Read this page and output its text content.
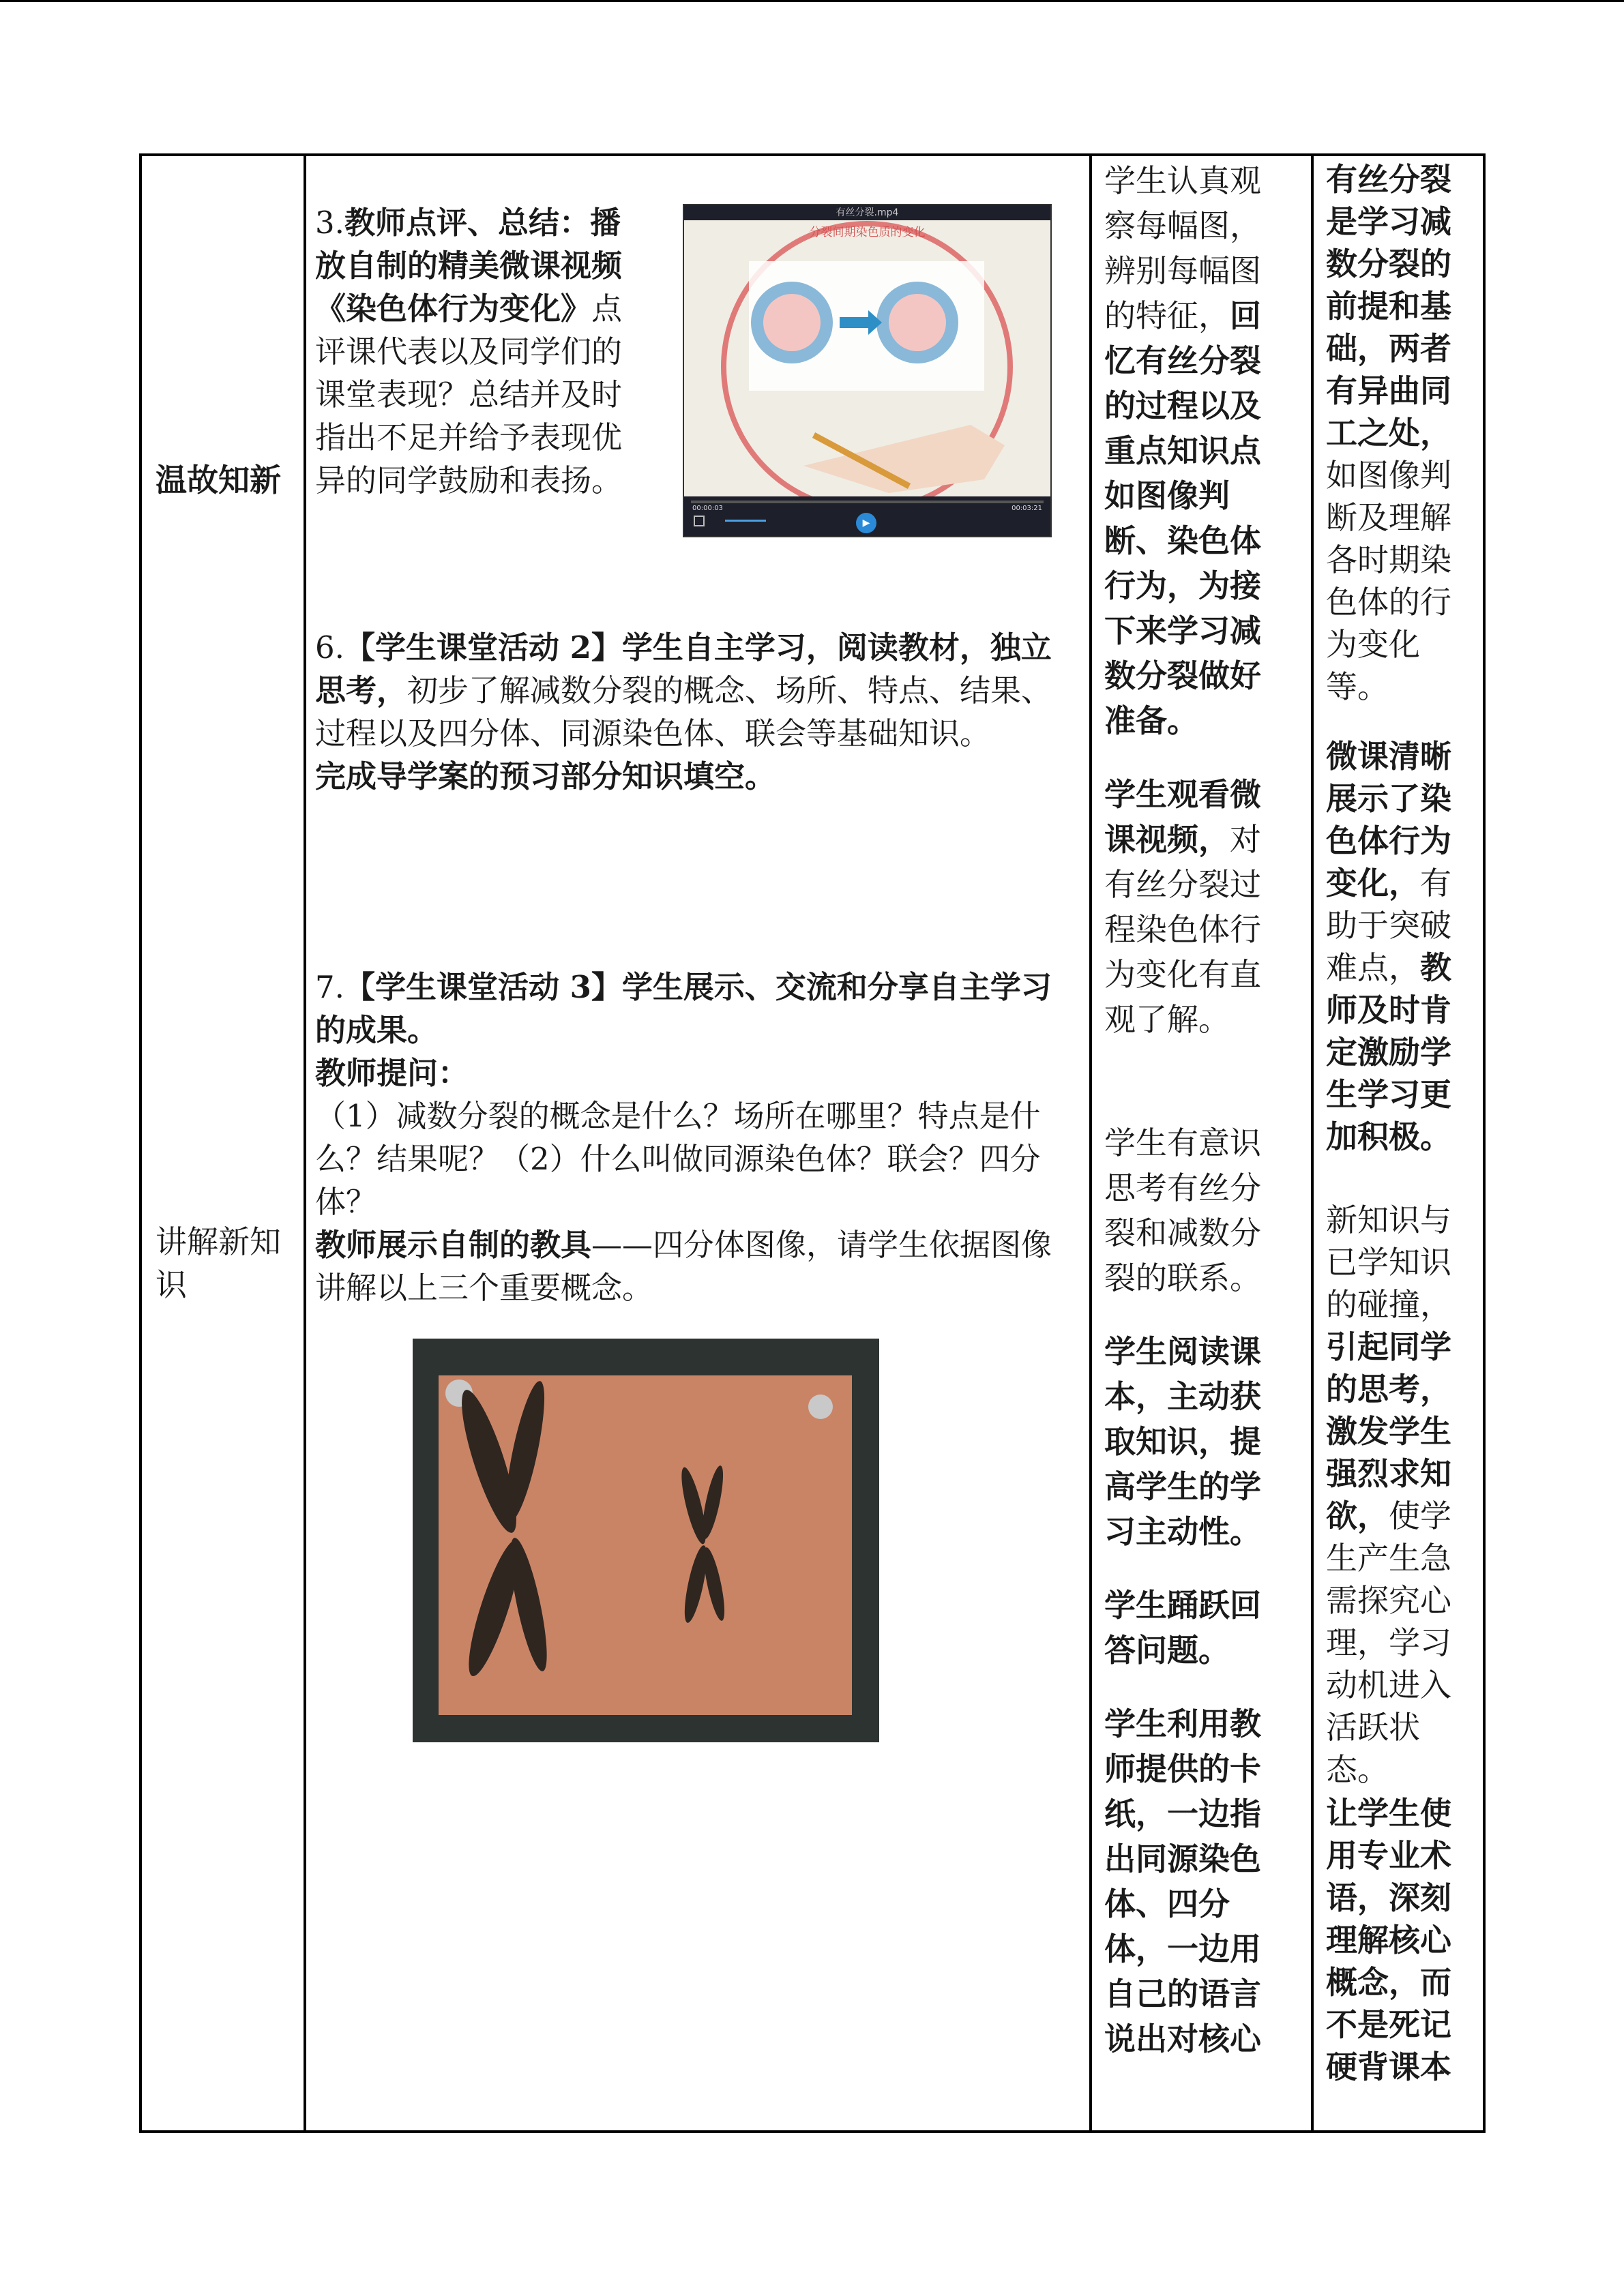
温故知新
讲解新知识
3.教师点评、总结：播放自制的精美微课视频《染色体行为变化》点评课代表以及同学们的课堂表现？总结并及时指出不足并给予表现优异的同学鼓励和表扬。
有丝分裂.mp4
分裂间期染色质的变化
00:00:03	00:03:21
▶
6.【学生课堂活动 2】学生自主学习，阅读教材，独立思考，初步了解减数分裂的概念、场所、特点、结果、过程以及四分体、同源染色体、联会等基础知识。
完成导学案的预习部分知识填空。
7.【学生课堂活动 3】学生展示、交流和分享自主学习的成果。
教师提问：
（1）减数分裂的概念是什么？场所在哪里？特点是什么？结果呢？（2）什么叫做同源染色体？联会？四分体？
教师展示自制的教具——四分体图像，请学生依据图像讲解以上三个重要概念。
学生认真观察每幅图，辨别每幅图的特征，回忆有丝分裂的过程以及重点知识点如图像判断、染色体行为，为接下来学习减数分裂做好准备。
学生观看微课视频，对有丝分裂过程染色体行为变化有直观了解。
学生有意识思考有丝分裂和减数分裂的联系。
学生阅读课本，主动获取知识，提高学生的学习主动性。
学生踊跃回答问题。
学生利用教师提供的卡纸，一边指出同源染色体、四分体，一边用自己的语言说出对核心
有丝分裂是学习减数分裂的前提和基础，两者有异曲同工之处，如图像判断及理解各时期染色体的行为变化等。
微课清晰展示了染色体行为变化，有助于突破难点，教师及时肯定激励学生学习更加积极。
新知识与已学知识的碰撞，引起同学的思考，激发学生强烈求知欲，使学生产生急需探究心理，学习动机进入活跃状态。
让学生使用专业术语，深刻理解核心概念，而不是死记硬背课本
